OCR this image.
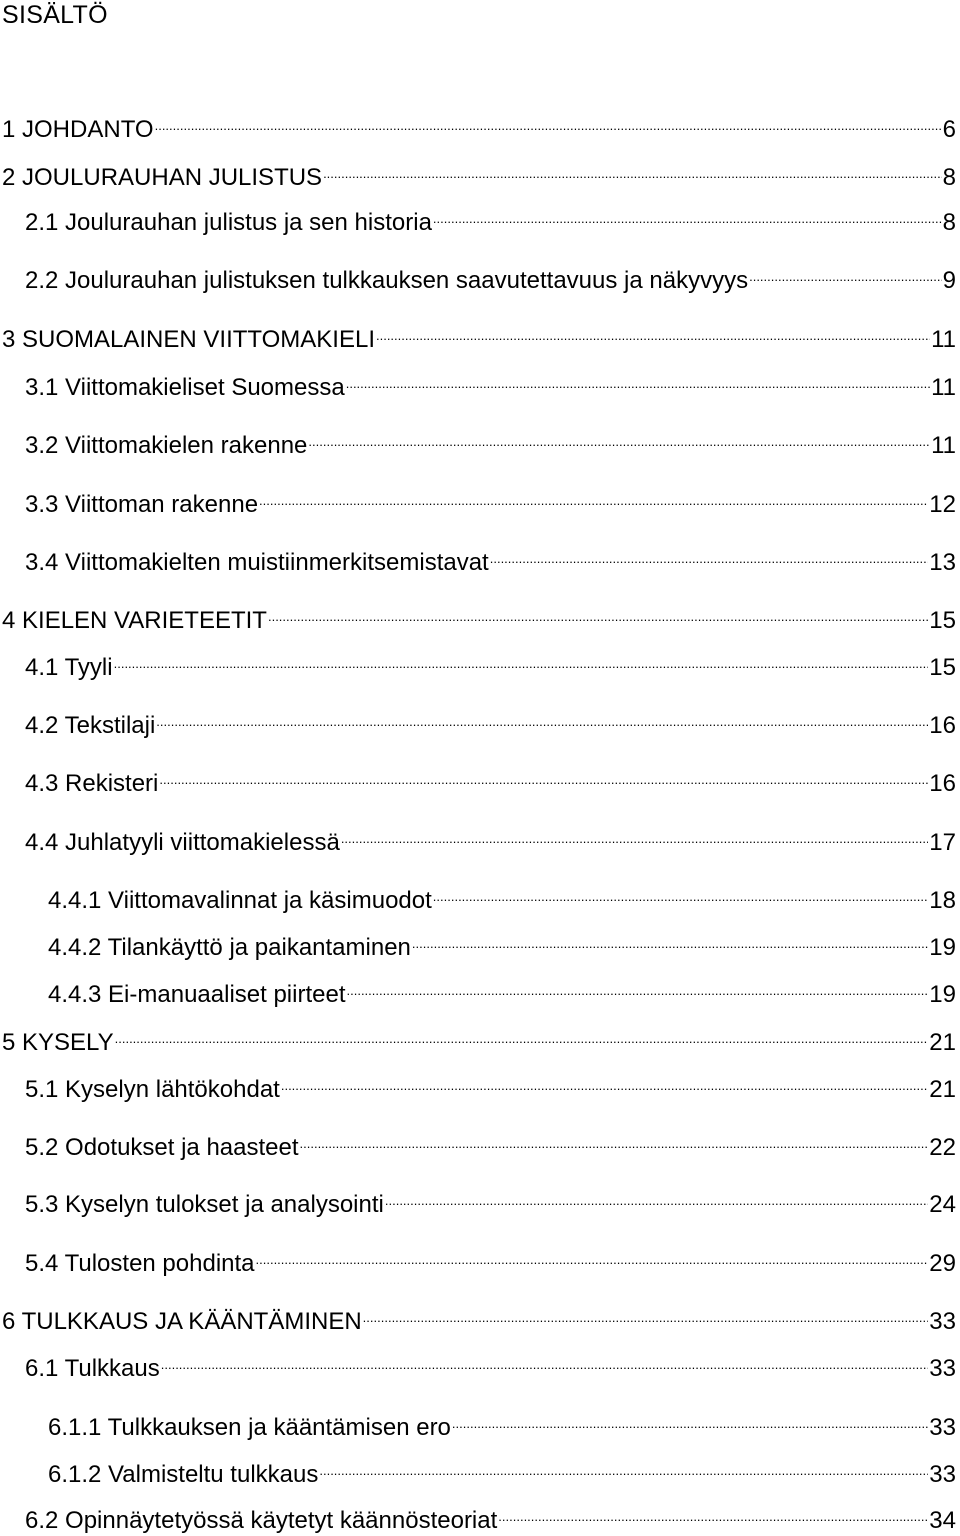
SISÄLTÖ
1 JOHDANTO .....	6
2 JOULURAUHAN JULISTUS .....	8
2.1 Joulurauhan julistus ja sen historia .....	8
2.2 Joulurauhan julistuksen tulkkauksen saavutettavuus ja näkyvyys .....	9
3 SUOMALAINEN VIITTOMAKIELI .....	11
3.1 Viittomakieliset Suomessa .....	11
3.2 Viittomakielen rakenne .....	11
3.3 Viittoman rakenne .....	12
3.4 Viittomakielten muistiinmerkitsemistavat .....	13
4 KIELEN VARIETEETIT .....	15
4.1 Tyyli .....	15
4.2 Tekstilaji .....	16
4.3 Rekisteri .....	16
4.4 Juhlatyyli viittomakielessä .....	17
4.4.1 Viittomavalinnat ja käsimuodot .....	18
4.4.2 Tilankäyttö ja paikantaminen .....	19
4.4.3 Ei-manuaaliset piirteet .....	19
5 KYSELY .....	21
5.1 Kyselyn lähtökohdat .....	21
5.2 Odotukset ja haasteet .....	22
5.3 Kyselyn tulokset ja analysointi .....	24
5.4 Tulosten pohdinta .....	29
6 TULKKAUS JA KÄÄNTÄMINEN .....	33
6.1 Tulkkaus .....	33
6.1.1 Tulkkauksen ja kääntämisen ero .....	33
6.1.2 Valmisteltu tulkkaus .....	33
6.2 Opinnäytetyössä käytetyt käännösteoriat .....	34
